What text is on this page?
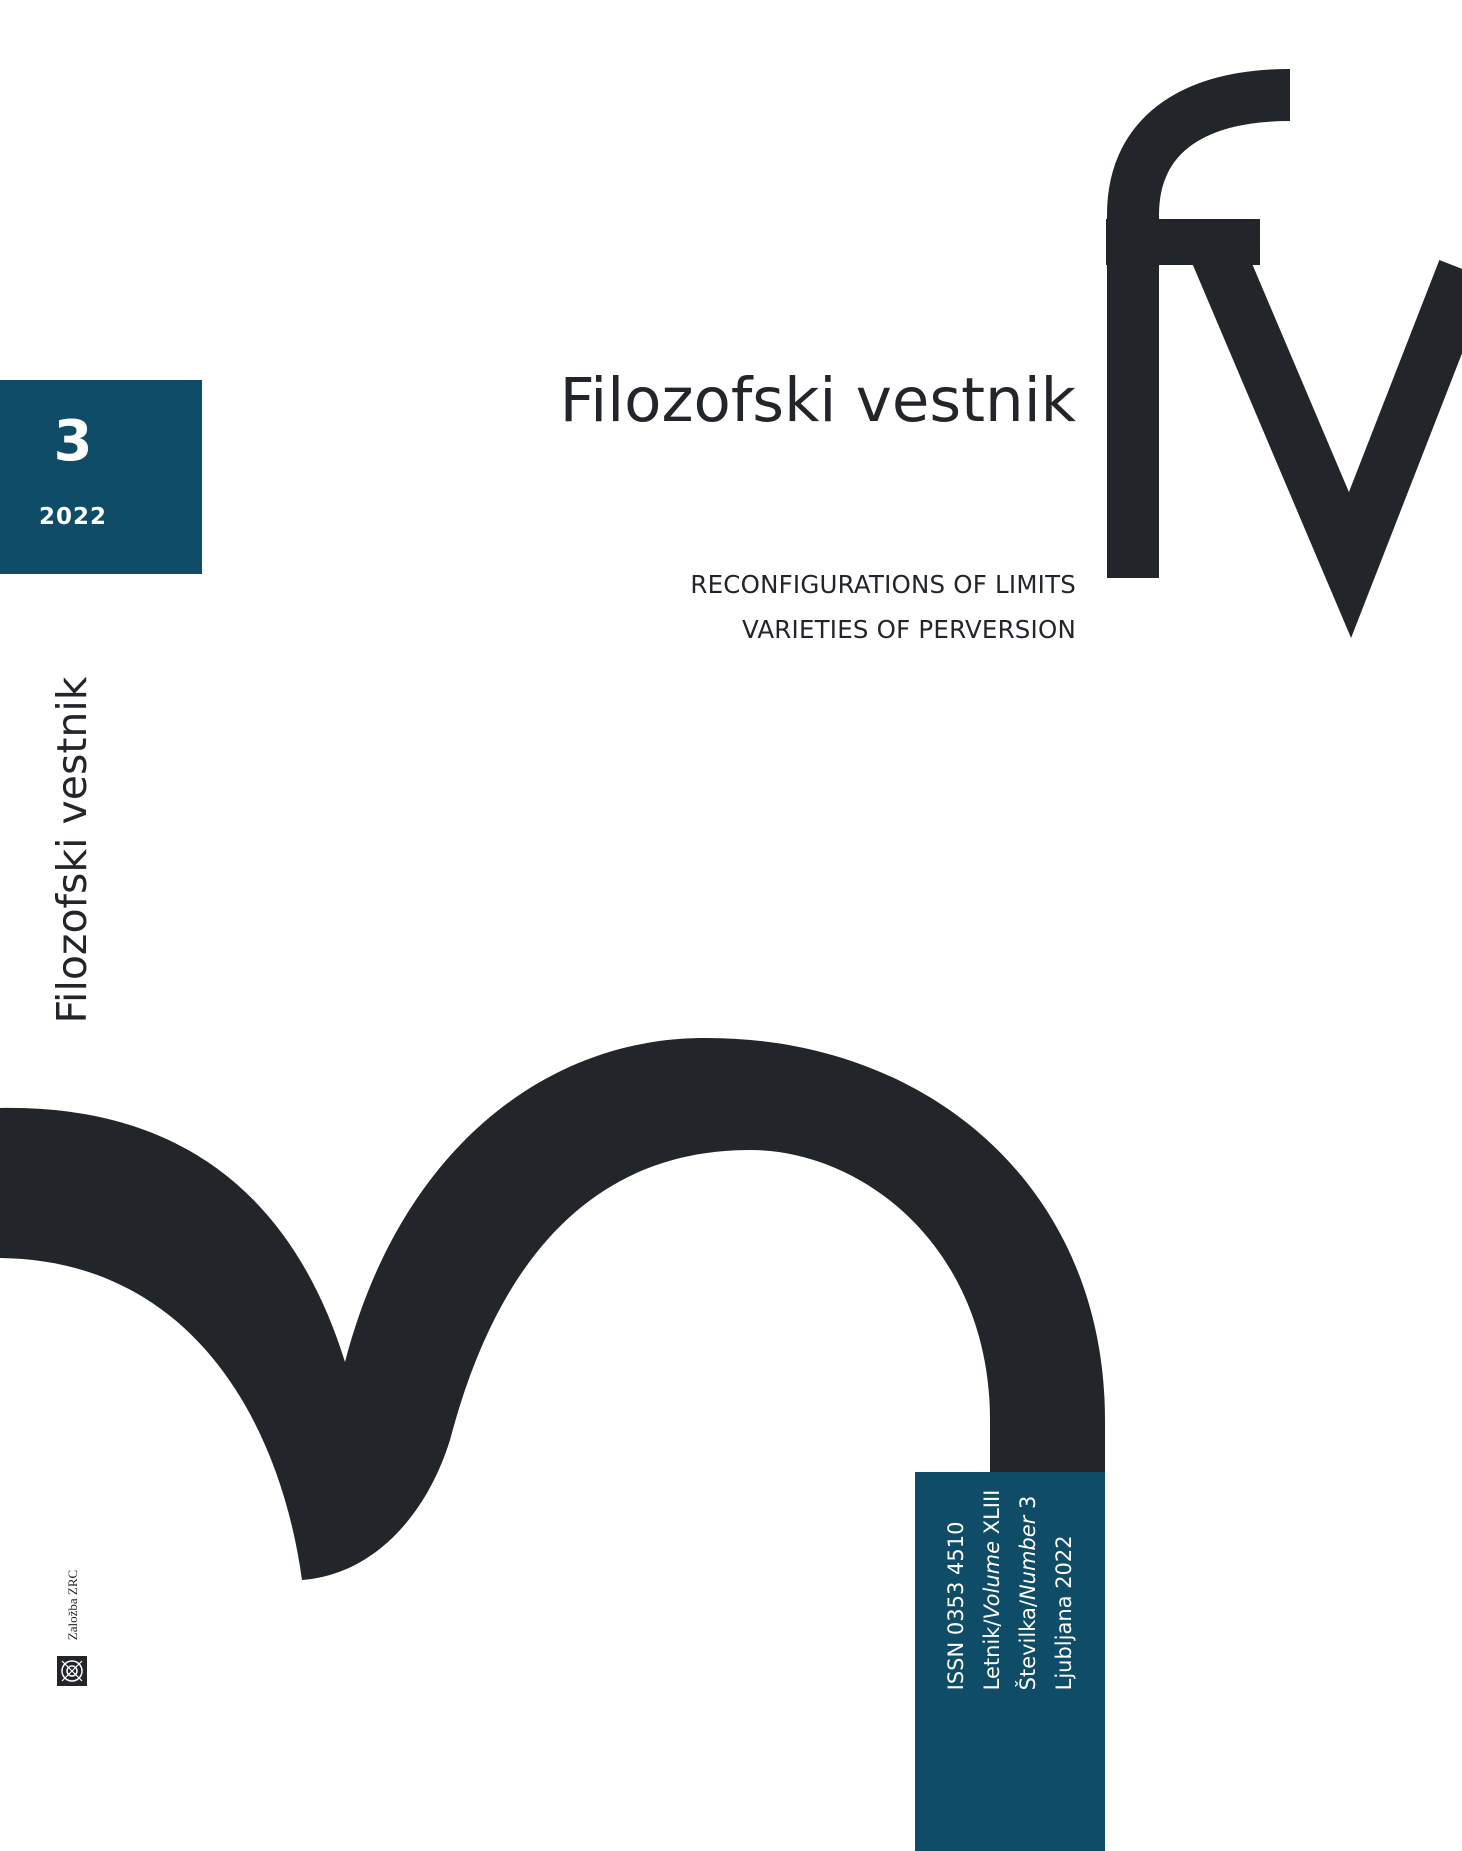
3
2022
Filozofski vestnik
RECONFIGURATIONS OF LIMITS
VARIETIES OF PERVERSION
Filozofski vestnik
ISSN 0353 4510 Letnik/Volume XLIII
Številka/Number 3
Ljubljana 2022
Založba ZRC
